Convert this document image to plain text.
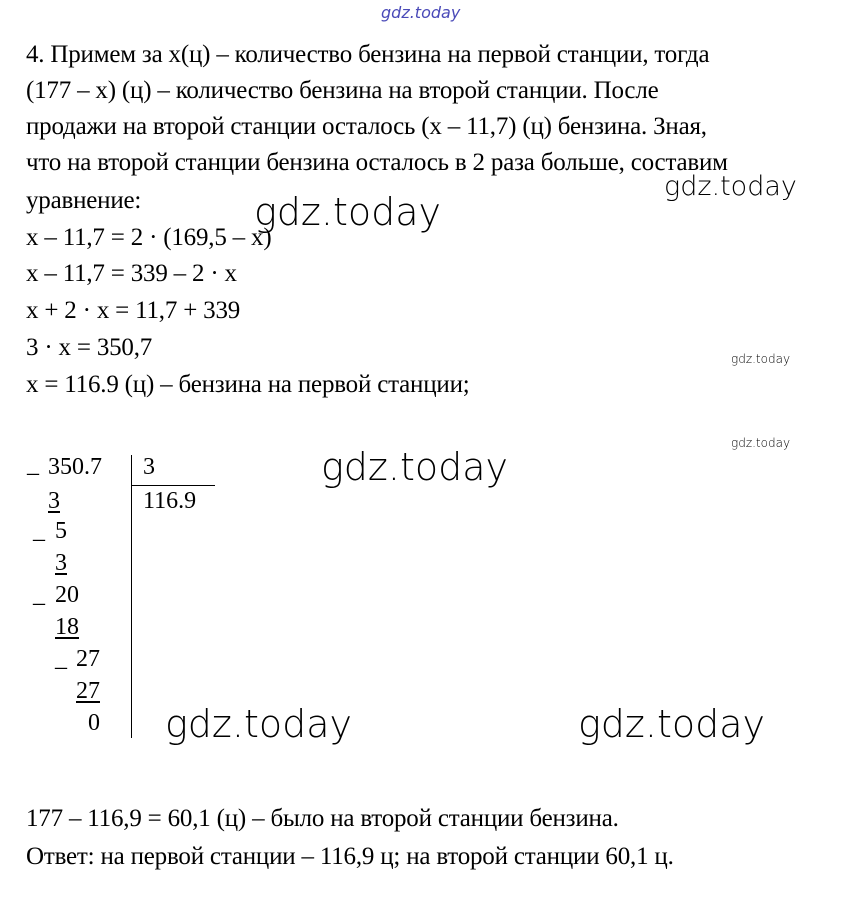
gdz.today
gdz.today
gdz.today
gdz.today
gdz.today
gdz.today
gdz.today	gdz.today
4. Примем за x(ц) – количество бензина на первой станции, тогда
(177 – x) (ц) – количество бензина на второй станции. После
продажи на второй станции осталось (x – 11,7) (ц) бензина. Зная,
что на второй станции бензина осталось в 2 раза больше, составим
уравнение:
x – 11,7 = 2 · (169,5 – x)
x – 11,7 = 339 – 2 · x
x + 2 · x = 11,7 + 339
3 · x = 350,7
x = 116.9 (ц) – бензина на первой станции;
_ 350.7 3
116.9
3
_ 5
3
_ 20
18
_ 27
27
0
177 – 116,9 = 60,1 (ц) – было на второй станции бензина.
Ответ: на первой станции – 116,9 ц; на второй станции 60,1 ц.
